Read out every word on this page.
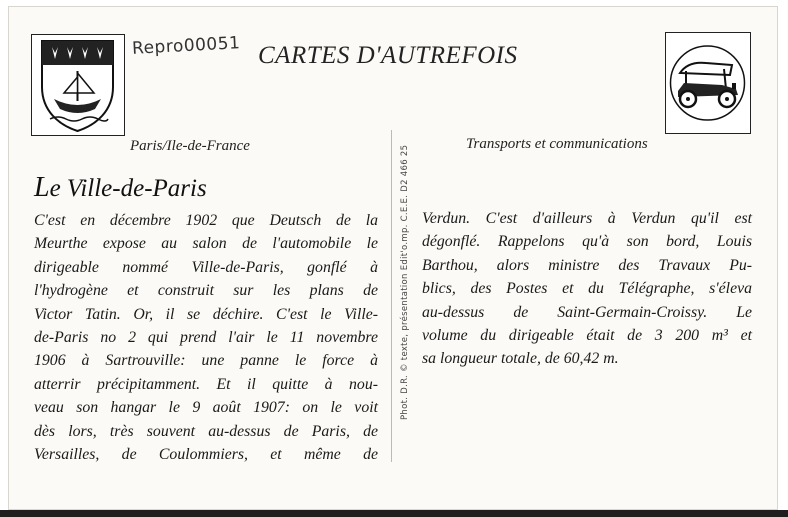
Repro00051 CARTES D'AUTREFOIS
Paris/Ile-de-France	Transports et communications
Le Ville-de-Paris	Phot. D.R. © texte, présentation Edit'o.mp. C.E.E. D2 466 25
C'est en décembre 1902 que Deutsch de la
Meurthe expose au salon de l'automobile le
dirigeable nommé Ville-de-Paris, gonflé à
l'hydrogène et construit sur les plans de
Victor Tatin. Or, il se déchire. C'est le Ville-
de-Paris no 2 qui prend l'air le 11 novembre
1906 à Sartrouville: une panne le force à
atterrir précipitamment. Et il quitte à nou-
veau son hangar le 9 août 1907: on le voit
dès lors, très souvent au-dessus de Paris, de
Versailles, de Coulommiers, et même de
Verdun. C'est d'ailleurs à Verdun qu'il est
dégonflé. Rappelons qu'à son bord, Louis
Barthou, alors ministre des Travaux Pu-
blics, des Postes et du Télégraphe, s'éleva
au-dessus de Saint-Germain-Croissy. Le
volume du dirigeable était de 3 200 m³ et
sa longueur totale, de 60,42 m.
